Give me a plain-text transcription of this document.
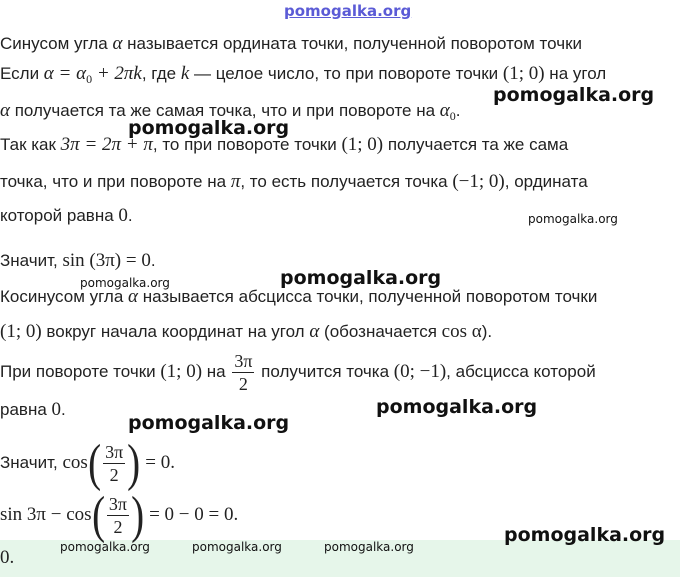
pomogalka.org
Синусом угла α называется ордината точки, полученной поворотом точки
Если $\alpha = \alpha_0 + 2\pi k$, где k — целое число, то при повороте точки (1; 0) на угол
α получается та же самая точка, что и при повороте на $\alpha_0$.
Так как 3π = 2π + π, то при повороте точки (1; 0) получается та же сама
точка, что и при повороте на π, то есть получается точка (−1; 0), ордината
которой равна 0.
Значит, sin (3π) = 0.
Косинусом угла α называется абсцисса точки, полученной поворотом точки
(1; 0) вокруг начала координат на угол α (обозначается cos α).
При повороте точки (1; 0) на $\frac{3\pi}{2}$ получится точка (0; −1), абсцисса которой
равна 0.
Значит, $\cos( \frac{3\pi}{2}$ ) = 0.
$\sin 3\pi - \cos( \frac{3\pi}{2}$ ) = 0 − 0 = 0.
0.
pomogalka.org
pomogalka.org
pomogalka.org
pomogalka.org
pomogalka.org
pomogalka.org
pomogalka.org
pomogalka.org
pomogalka.org	pomogalka.org	pomogalka.org
